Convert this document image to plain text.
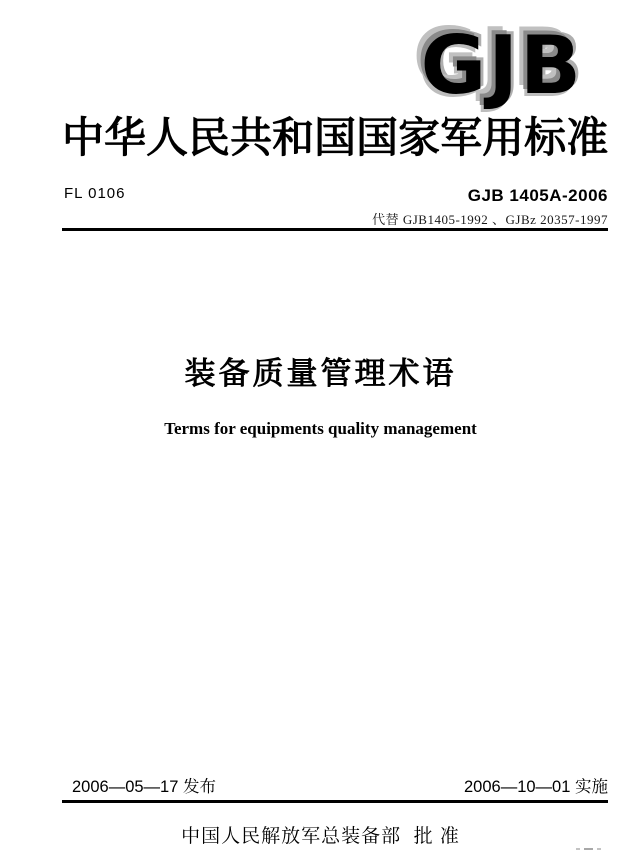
GJB
中 华 人 民 共 和 国 国 家 军 用 标 准
FL 0106	GJB 1405A-2006
代替 GJB1405-1992 、GJBz 20357-1997
装备质量管理术语
Terms for equipments quality management
2006—05—17 发布	2006—10—01 实施
中国人民解放军总装备部  批 准
